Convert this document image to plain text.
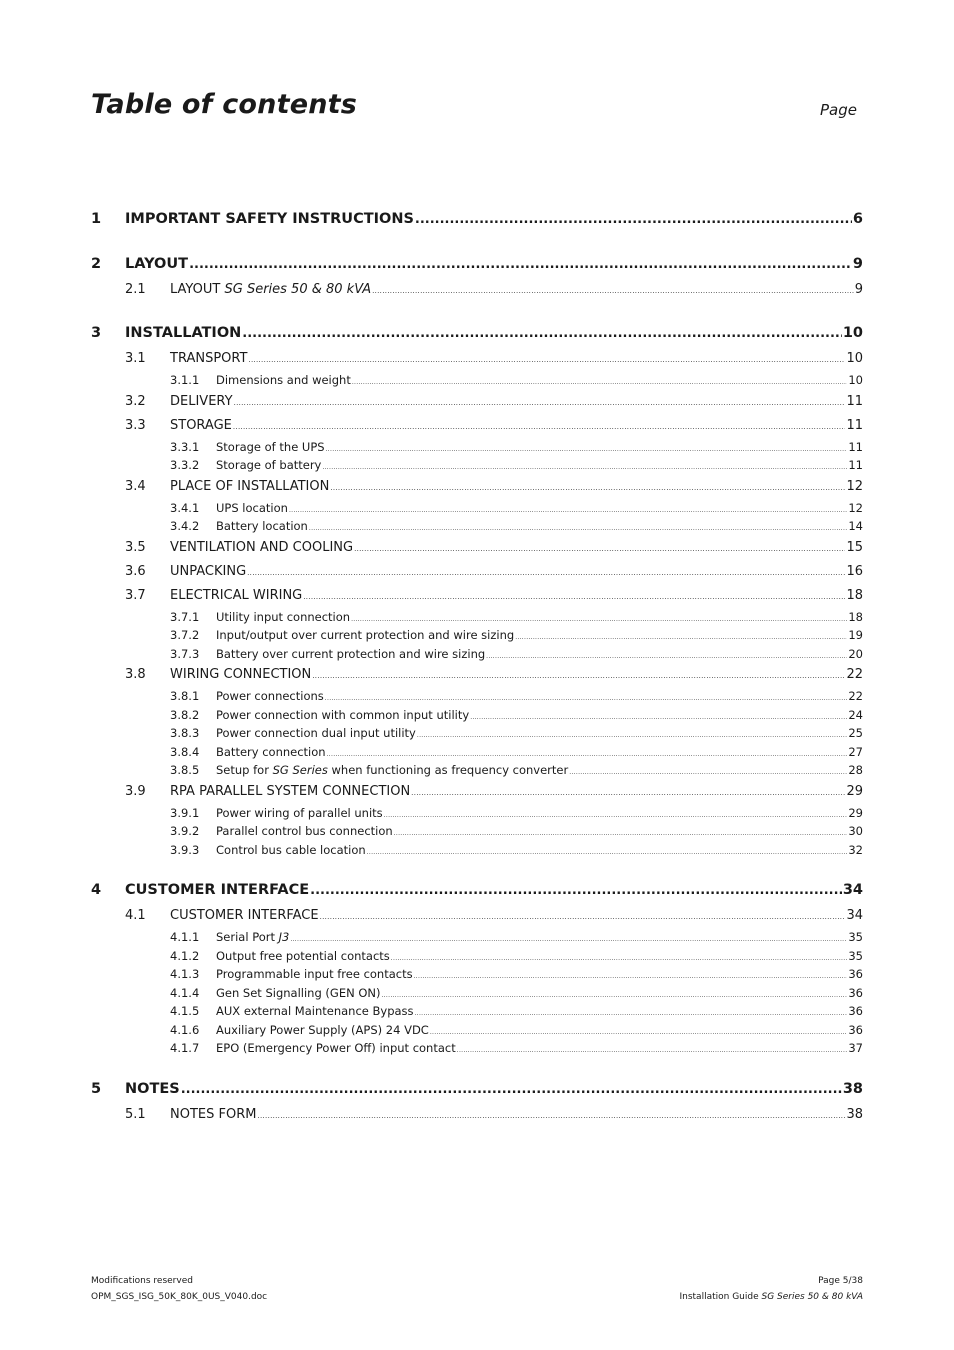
Table of contents	Page
1	IMPORTANT SAFETY INSTRUCTIONS .....	6
2	LAYOUT .....	9
2.1	LAYOUT SG Series 50 & 80 kVA .....	9
3	INSTALLATION .....	10
3.1	TRANSPORT .....	10
3.1.1	Dimensions and weight .....	10
3.2	DELIVERY .....	11
3.3	STORAGE .....	11
3.3.1	Storage of the UPS .....	11
3.3.2	Storage of battery .....	11
3.4	PLACE OF INSTALLATION .....	12
3.4.1	UPS location .....	12
3.4.2	Battery location .....	14
3.5	VENTILATION AND COOLING .....	15
3.6	UNPACKING .....	16
3.7	ELECTRICAL WIRING .....	18
3.7.1	Utility input connection .....	18
3.7.2	Input/output over current protection and wire sizing .....	19
3.7.3	Battery over current protection and wire sizing .....	20
3.8	WIRING CONNECTION .....	22
3.8.1	Power connections .....	22
3.8.2	Power connection with common input utility .....	24
3.8.3	Power connection dual input utility .....	25
3.8.4	Battery connection .....	27
3.8.5	Setup for SG Series when functioning as frequency converter .....	28
3.9	RPA PARALLEL SYSTEM CONNECTION .....	29
3.9.1	Power wiring of parallel units .....	29
3.9.2	Parallel control bus connection .....	30
3.9.3	Control bus cable location .....	32
4	CUSTOMER INTERFACE .....	34
4.1	CUSTOMER INTERFACE .....	34
4.1.1	Serial Port J3 .....	35
4.1.2	Output free potential contacts .....	35
4.1.3	Programmable input free contacts .....	36
4.1.4	Gen Set Signalling (GEN ON) .....	36
4.1.5	AUX external Maintenance Bypass .....	36
4.1.6	Auxiliary Power Supply (APS) 24 VDC .....	36
4.1.7	EPO (Emergency Power Off) input contact .....	37
5	NOTES .....	38
5.1	NOTES FORM .....	38
Modifications reserved	Page 5/38
OPM_SGS_ISG_50K_80K_0US_V040.doc	Installation Guide SG Series 50 & 80 kVA
